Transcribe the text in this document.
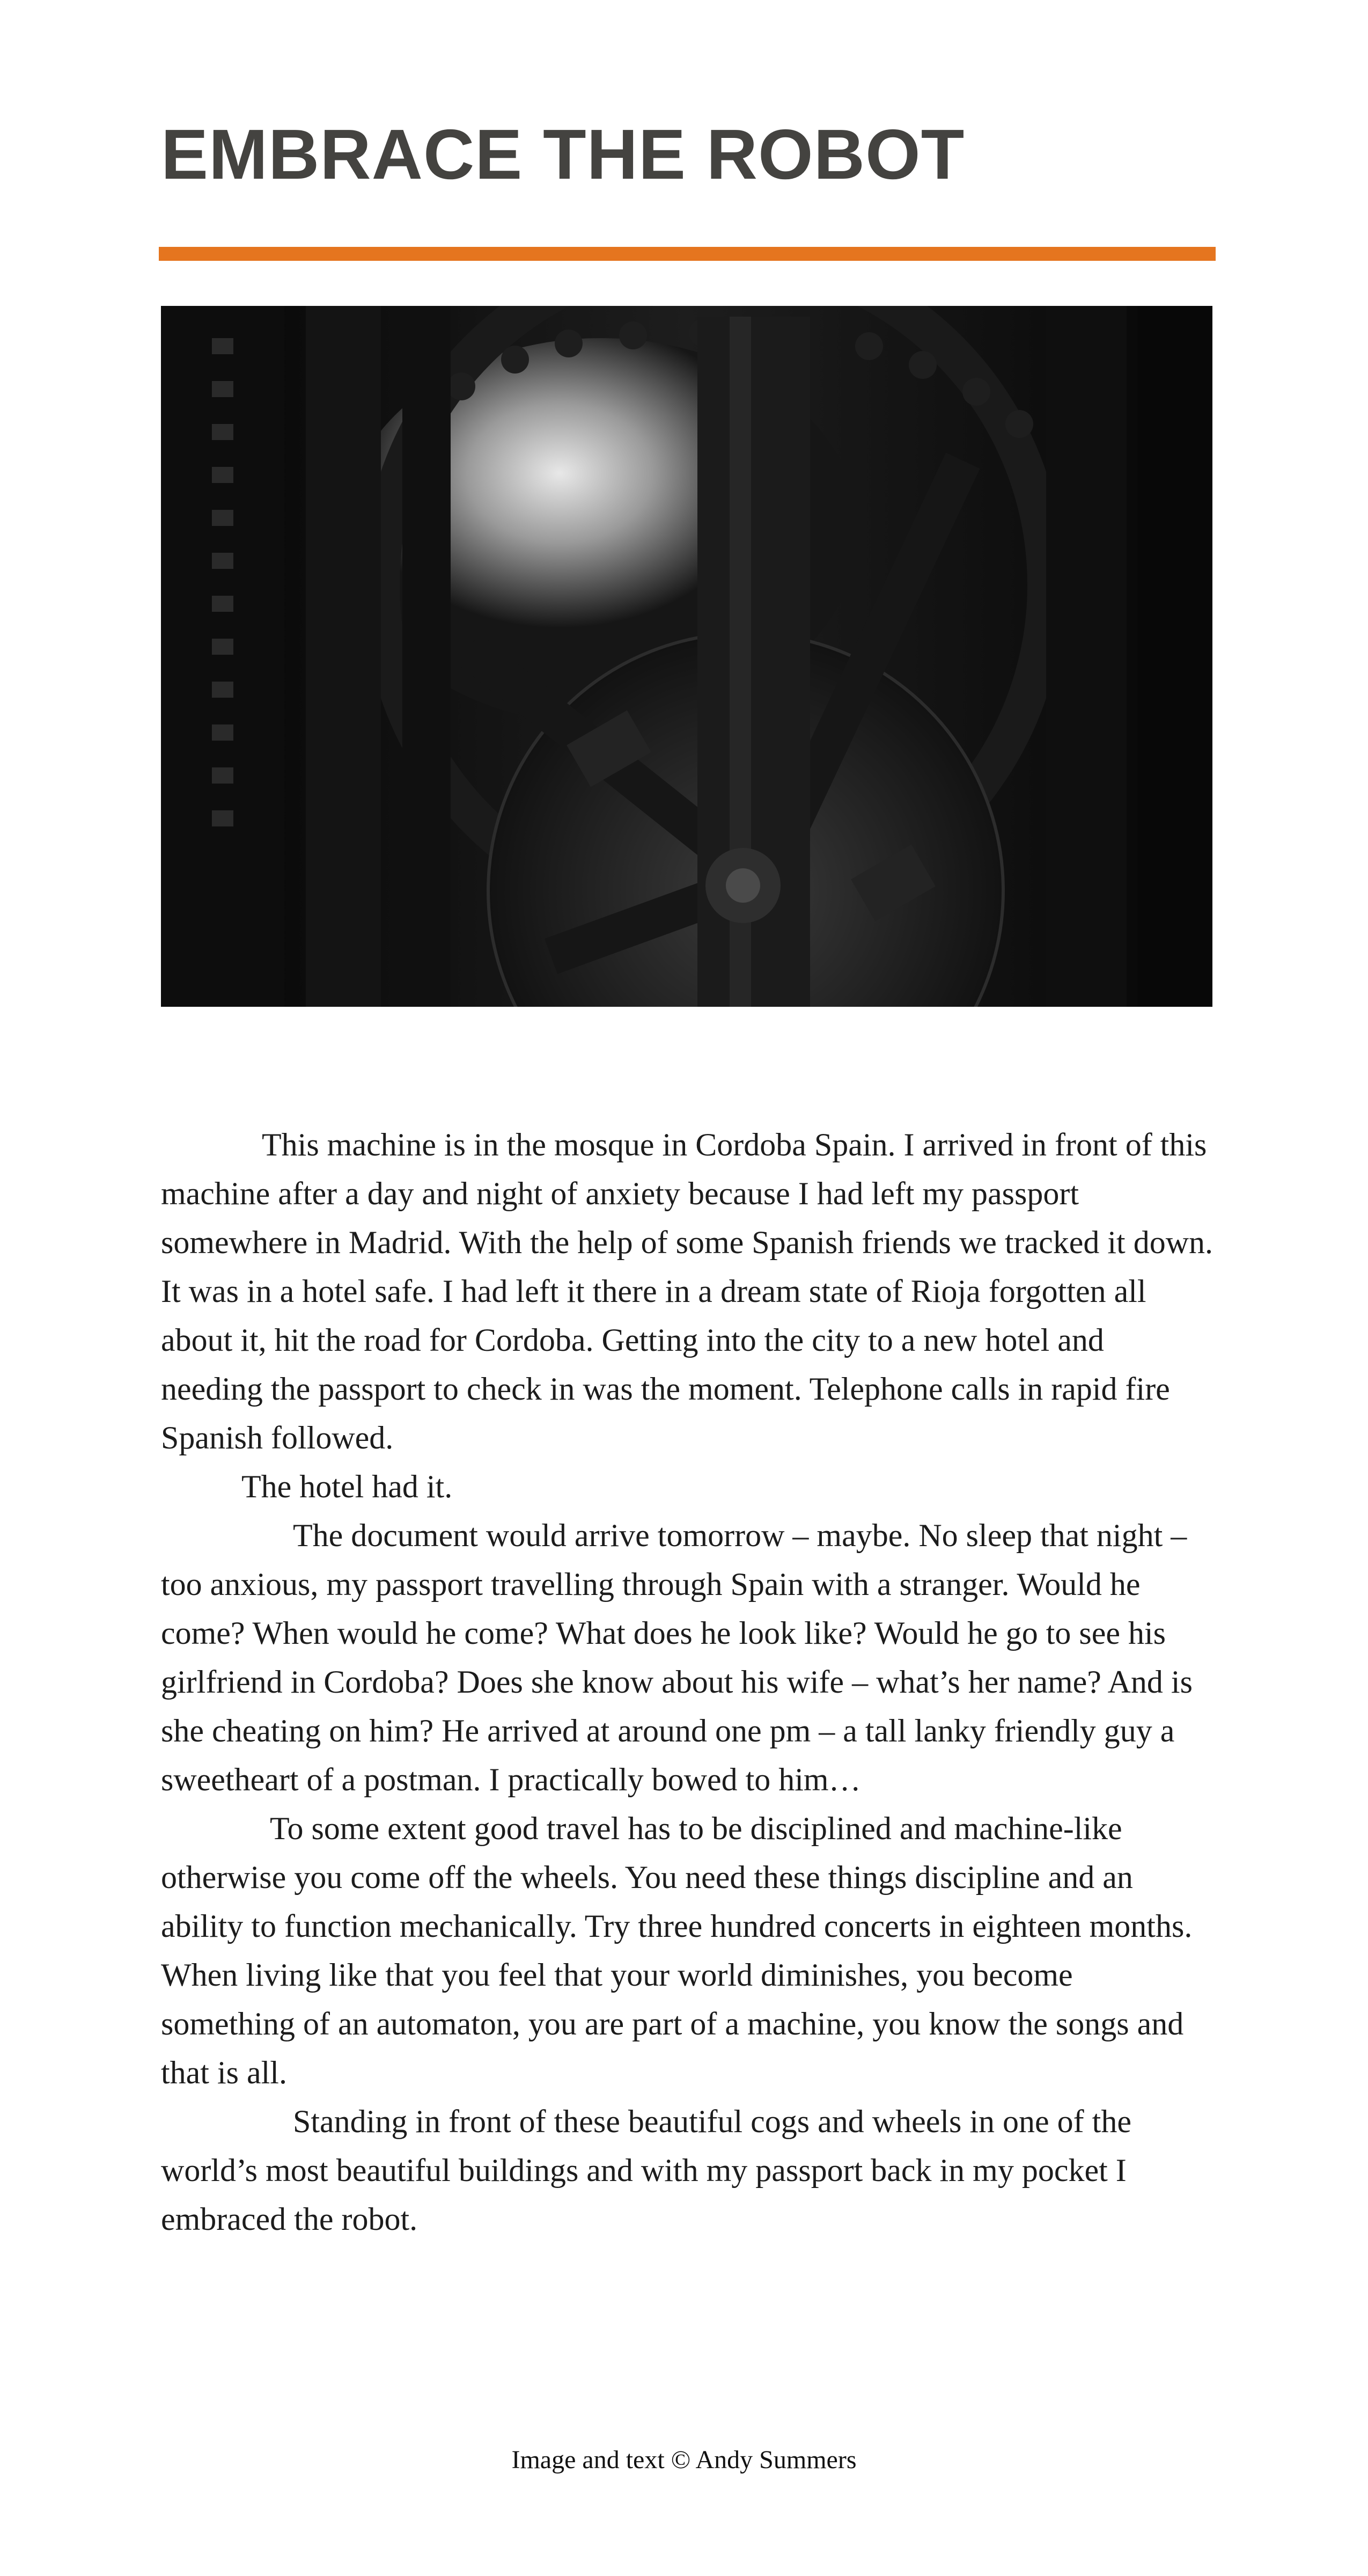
EMBRACE THE ROBOT

This machine is in the mosque in Cordoba Spain. I arrived in front of this machine after a day and night of anxiety because I had left my passport somewhere in Madrid. With the help of some Spanish friends we tracked it down. It was in a hotel safe. I had left it there in a dream state of Rioja forgotten all about it, hit the road for Cordoba. Getting into the city to a new hotel and needing the passport to check in was the moment. Telephone calls in rapid fire Spanish followed.

The hotel had it.

The document would arrive tomorrow – maybe. No sleep that night – too anxious, my passport travelling through Spain with a stranger. Would he come? When would he come? What does he look like? Would he go to see his girlfriend in Cordoba? Does she know about his wife – what’s her name? And is she cheating on him? He arrived at around one pm – a tall lanky friendly guy a sweetheart of a postman. I practically bowed to him…

To some extent good travel has to be disciplined and machine-like otherwise you come off the wheels. You need these things discipline and an ability to function mechanically. Try three hundred concerts in eighteen months. When living like that you feel that your world diminishes, you become something of an automaton, you are part of a machine, you know the songs and that is all.

Standing in front of these beautiful cogs and wheels in one of the world’s most beautiful buildings and with my passport back in my pocket I embraced the robot.

Image and text © Andy Summers
